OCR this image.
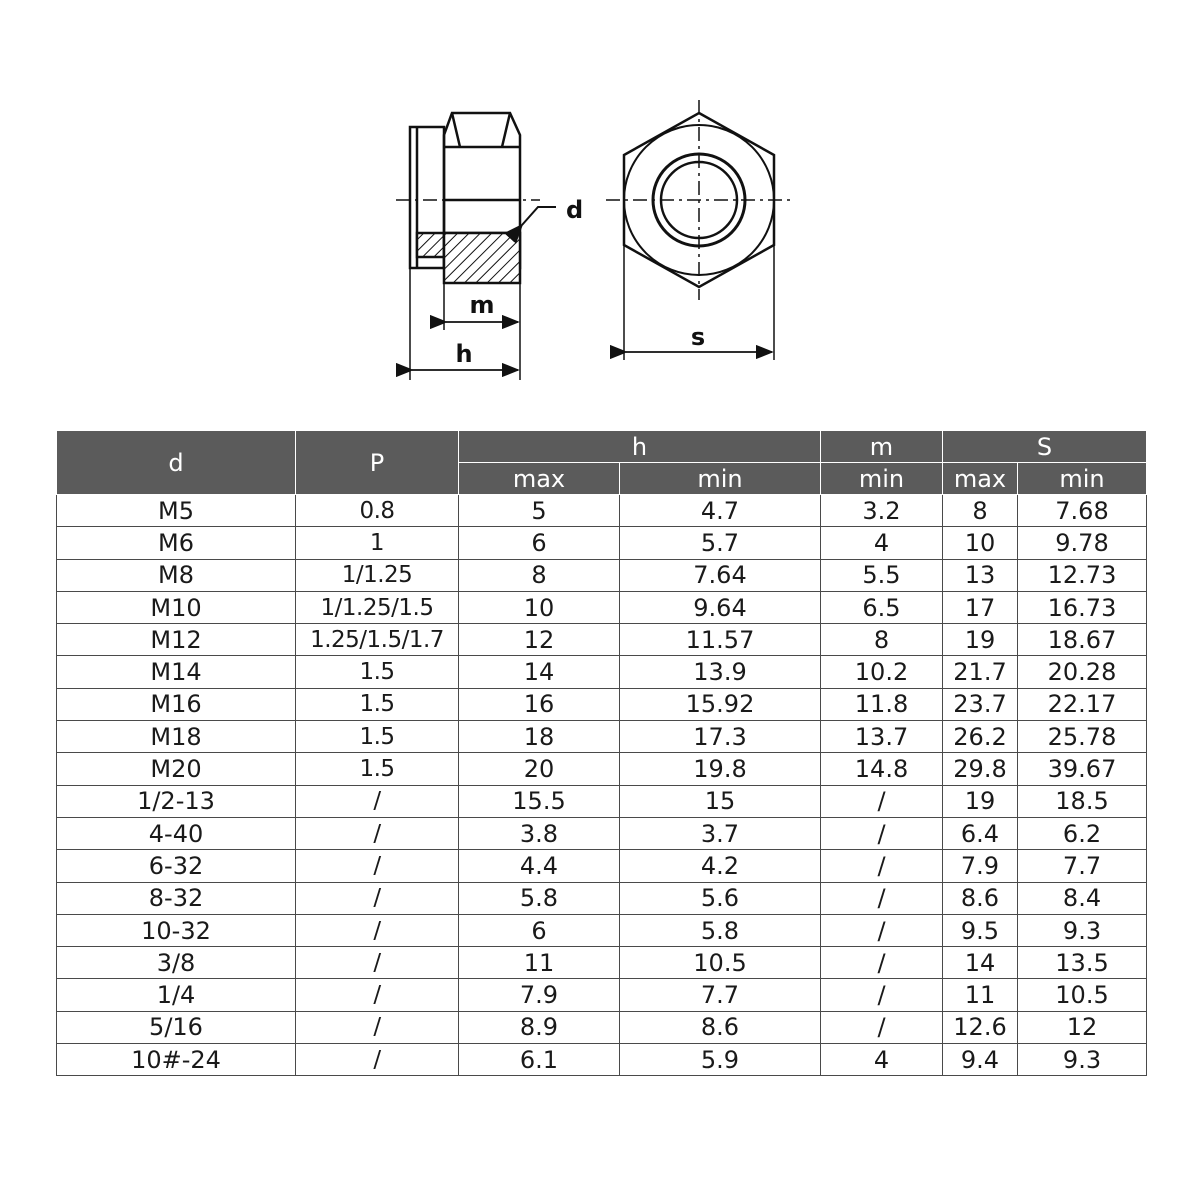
d
m
h
s
d	P	h		m	S	
		max	min	min	max	min
M5	0.8	5	4.7	3.2	8	7.68
M6	1	6	5.7	4	10	9.78
M8	1/1.25	8	7.64	5.5	13	12.73
M10	1/1.25/1.5	10	9.64	6.5	17	16.73
M12	1.25/1.5/1.7	12	11.57	8	19	18.67
M14	1.5	14	13.9	10.2	21.7	20.28
M16	1.5	16	15.92	11.8	23.7	22.17
M18	1.5	18	17.3	13.7	26.2	25.78
M20	1.5	20	19.8	14.8	29.8	39.67
1/2-13	/	15.5	15	/	19	18.5
4-40	/	3.8	3.7	/	6.4	6.2
6-32	/	4.4	4.2	/	7.9	7.7
8-32	/	5.8	5.6	/	8.6	8.4
10-32	/	6	5.8	/	9.5	9.3
3/8	/	11	10.5	/	14	13.5
1/4	/	7.9	7.7	/	11	10.5
5/16	/	8.9	8.6	/	12.6	12
10#-24	/	6.1	5.9	4	9.4	9.3
